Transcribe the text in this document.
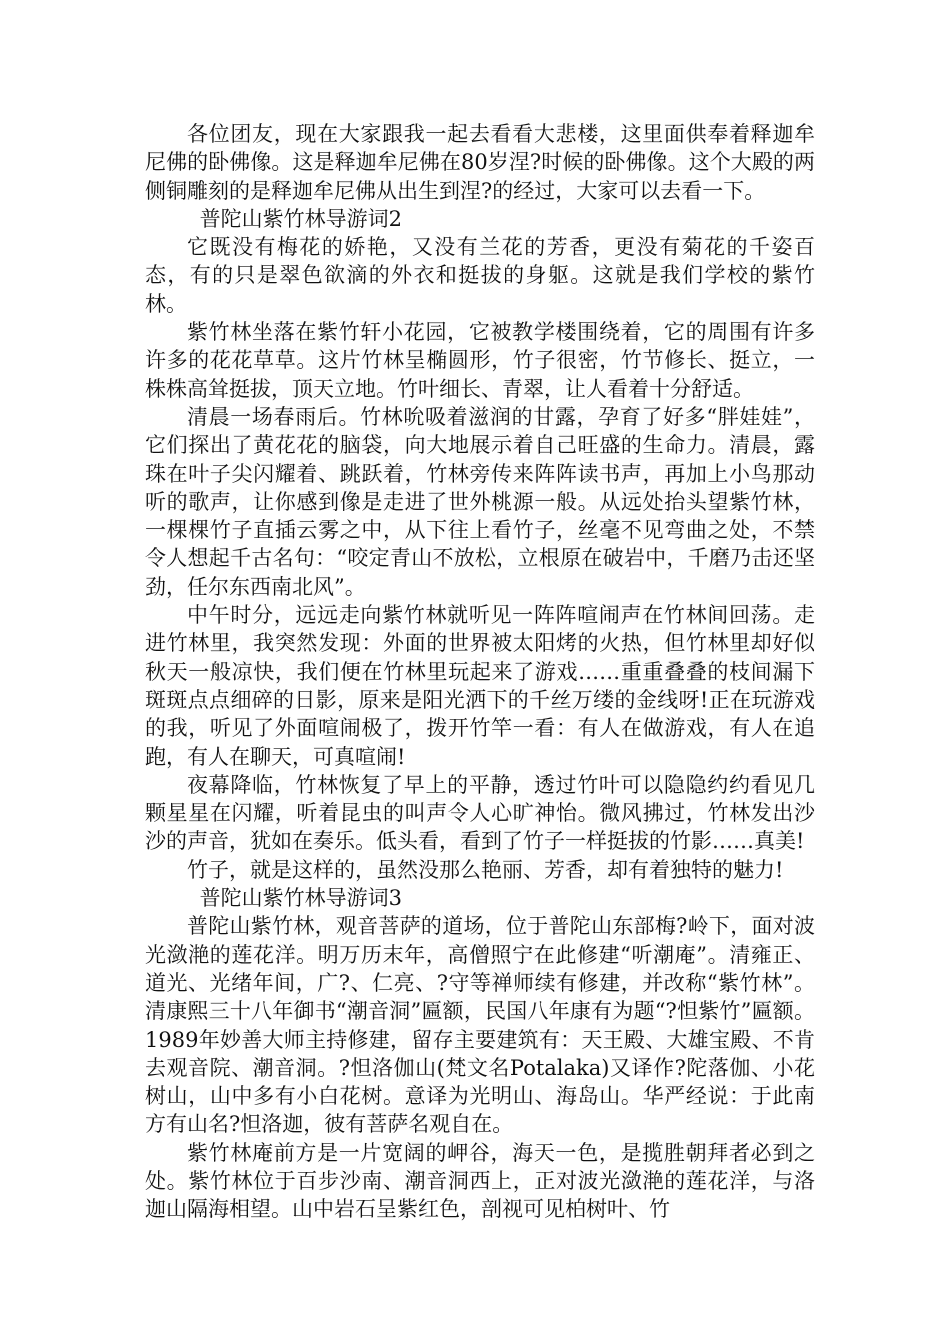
各位团友，现在大家跟我一起去看看大悲楼，这里面供奉着释迦牟尼佛的卧佛像。这是释迦牟尼佛在80岁涅?时候的卧佛像。这个大殿的两侧铜雕刻的是释迦牟尼佛从出生到涅?的经过，大家可以去看一下。

普陀山紫竹林导游词2

它既没有梅花的娇艳，又没有兰花的芳香，更没有菊花的千姿百态，有的只是翠色欲滴的外衣和挺拔的身躯。这就是我们学校的紫竹林。

紫竹林坐落在紫竹轩小花园，它被教学楼围绕着，它的周围有许多许多的花花草草。这片竹林呈椭圆形，竹子很密，竹节修长、挺立，一株株高耸挺拔，顶天立地。竹叶细长、青翠，让人看着十分舒适。

清晨一场春雨后。竹林吮吸着滋润的甘露，孕育了好多“胖娃娃”，它们探出了黄花花的脑袋，向大地展示着自己旺盛的生命力。清晨，露珠在叶子尖闪耀着、跳跃着，竹林旁传来阵阵读书声，再加上小鸟那动听的歌声，让你感到像是走进了世外桃源一般。从远处抬头望紫竹林，一棵棵竹子直插云雾之中，从下往上看竹子，丝毫不见弯曲之处，不禁令人想起千古名句：“咬定青山不放松，立根原在破岩中，千磨乃击还坚劲，任尔东西南北风”。

中午时分，远远走向紫竹林就听见一阵阵喧闹声在竹林间回荡。走进竹林里，我突然发现：外面的世界被太阳烤的火热，但竹林里却好似秋天一般凉快，我们便在竹林里玩起来了游戏……重重叠叠的枝间漏下斑斑点点细碎的日影，原来是阳光洒下的千丝万缕的金线呀!正在玩游戏的我，听见了外面喧闹极了，拨开竹竿一看：有人在做游戏，有人在追跑，有人在聊天，可真喧闹!

夜幕降临，竹林恢复了早上的平静，透过竹叶可以隐隐约约看见几颗星星在闪耀，听着昆虫的叫声令人心旷神怡。微风拂过，竹林发出沙沙的声音，犹如在奏乐。低头看，看到了竹子一样挺拔的竹影……真美!

竹子，就是这样的，虽然没那么艳丽、芳香，却有着独特的魅力!

普陀山紫竹林导游词3

普陀山紫竹林，观音菩萨的道场，位于普陀山东部梅?岭下，面对波光潋滟的莲花洋。明万历末年，高僧照宁在此修建“听潮庵”。清雍正、道光、光绪年间，广?、仁亮、?守等禅师续有修建，并改称“紫竹林”。清康熙三十八年御书“潮音洞”匾额，民国八年康有为题“?怛紫竹”匾额。1989年妙善大师主持修建，留存主要建筑有：天王殿、大雄宝殿、不肯去观音院、潮音洞。?怛洛伽山(梵文名Potalaka)又译作?陀落伽、小花树山，山中多有小白花树。意译为光明山、海岛山。华严经说：于此南方有山名?怛洛迦，彼有菩萨名观自在。

紫竹林庵前方是一片宽阔的岬谷，海天一色，是揽胜朝拜者必到之处。紫竹林位于百步沙南、潮音洞西上，正对波光潋滟的莲花洋，与洛迦山隔海相望。山中岩石呈紫红色，剖视可见柏树叶、竹
